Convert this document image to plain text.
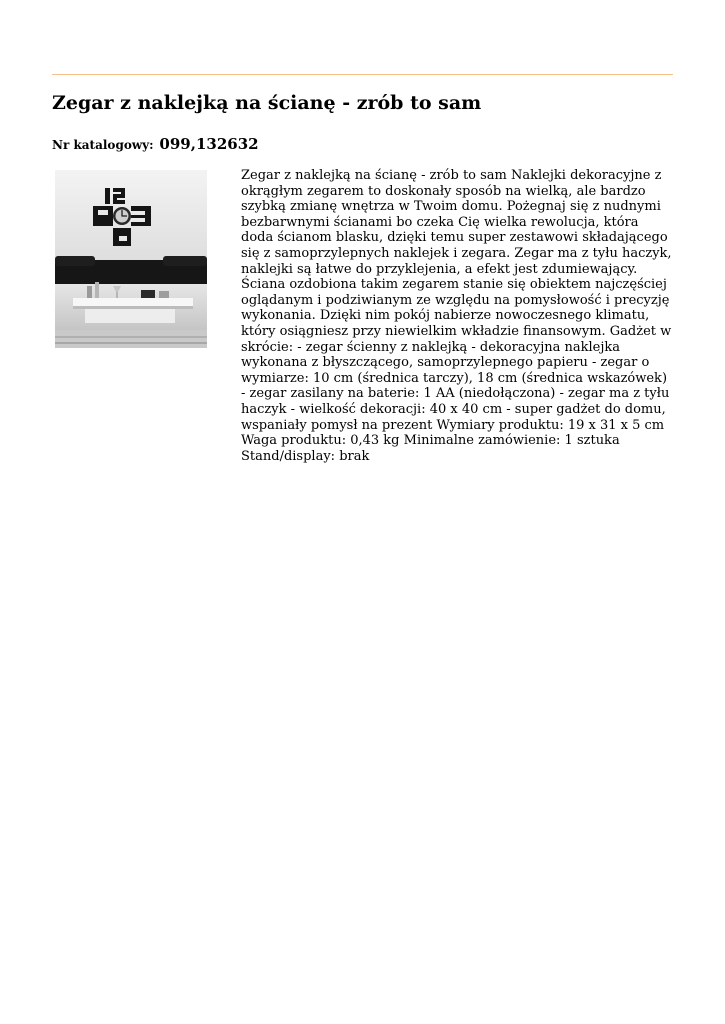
Zegar z naklejką na ścianę - zrób to sam
Nr katalogowy: 099,132632

Zegar z naklejką na ścianę - zrób to sam Naklejki dekoracyjne z okrągłym zegarem to doskonały sposób na wielką, ale bardzo szybką zmianę wnętrza w Twoim domu. Pożegnaj się z nudnymi bezbarwnymi ścianami bo czeka Cię wielka rewolucja, która doda ścianom blasku, dzięki temu super zestawowi składającego się z samoprzylepnych naklejek i zegara. Zegar ma z tyłu haczyk, naklejki są łatwe do przyklejenia, a efekt jest zdumiewający. Ściana ozdobiona takim zegarem stanie się obiektem najczęściej oglądanym i podziwianym ze względu na pomysłowość i precyzję wykonania. Dzięki nim pokój nabierze nowoczesnego klimatu, który osiągniesz przy niewielkim wkładzie finansowym. Gadżet w skrócie: - zegar ścienny z naklejką - dekoracyjna naklejka wykonana z błyszczącego, samoprzylepnego papieru - zegar o wymiarze: 10 cm (średnica tarczy), 18 cm (średnica wskazówek) - zegar zasilany na baterie: 1 AA (niedołączona) - zegar ma z tyłu haczyk - wielkość dekoracji: 40 x 40 cm - super gadżet do domu, wspaniały pomysł na prezent Wymiary produktu: 19 x 31 x 5 cm Waga produktu: 0,43 kg Minimalne zamówienie: 1 sztuka Stand/display: brak
